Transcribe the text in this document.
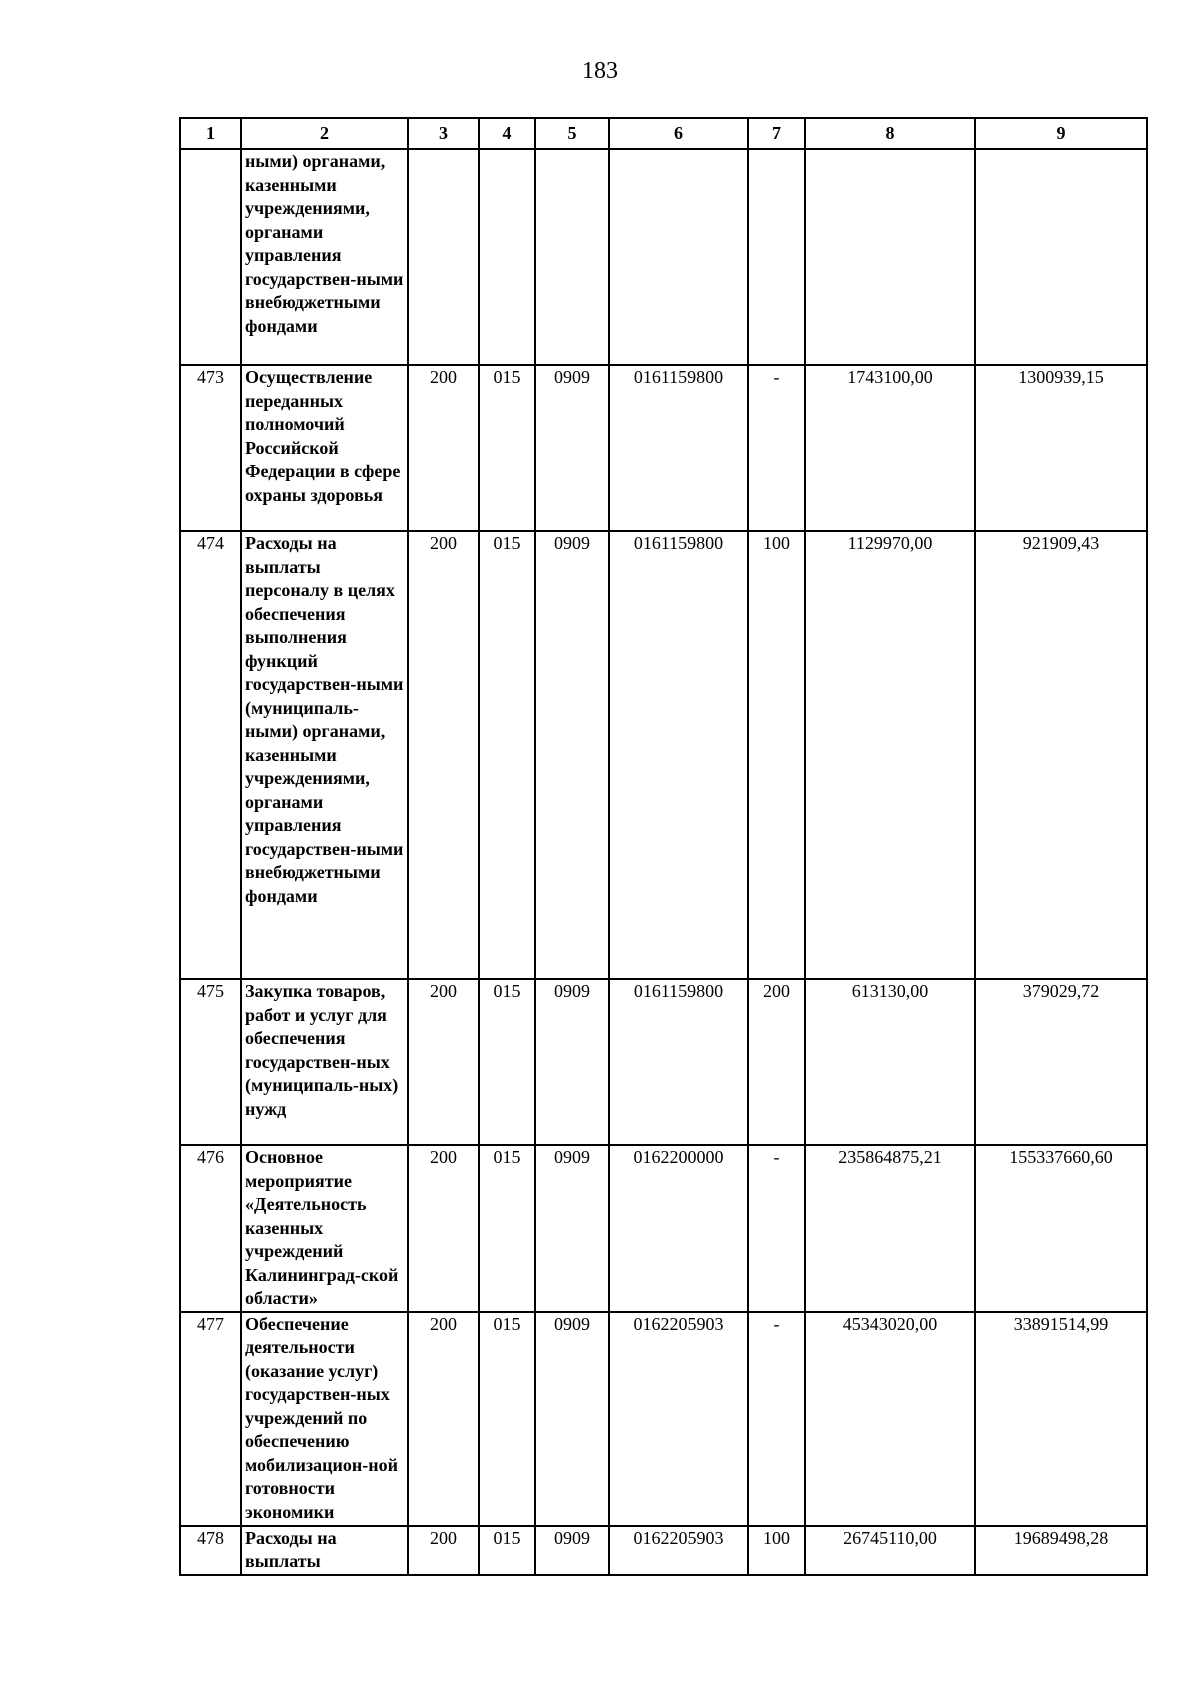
183
1	2	3	4	5	6	7	8	9
	ными) органами, казенными учреждениями, органами управления государствен-ными внебюджетными фондами							
473	Осуществление переданных полномочий Российской Федерации в сфере охраны здоровья	200	015	0909	0161159800	-	1743100,00	1300939,15
474	Расходы на выплаты персоналу в целях обеспечения выполнения функций государствен-ными (муниципаль-ными) органами, казенными учреждениями, органами управления государствен-ными внебюджетными фондами	200	015	0909	0161159800	100	1129970,00	921909,43
475	Закупка товаров, работ и услуг для обеспечения государствен-ных (муниципаль-ных) нужд	200	015	0909	0161159800	200	613130,00	379029,72
476	Основное мероприятие «Деятельность казенных учреждений Калининград-ской области»	200	015	0909	0162200000	-	235864875,21	155337660,60
477	Обеспечение деятельности (оказание услуг) государствен-ных учреждений по обеспечению мобилизацион-ной готовности экономики	200	015	0909	0162205903	-	45343020,00	33891514,99
478	Расходы на выплаты	200	015	0909	0162205903	100	26745110,00	19689498,28
